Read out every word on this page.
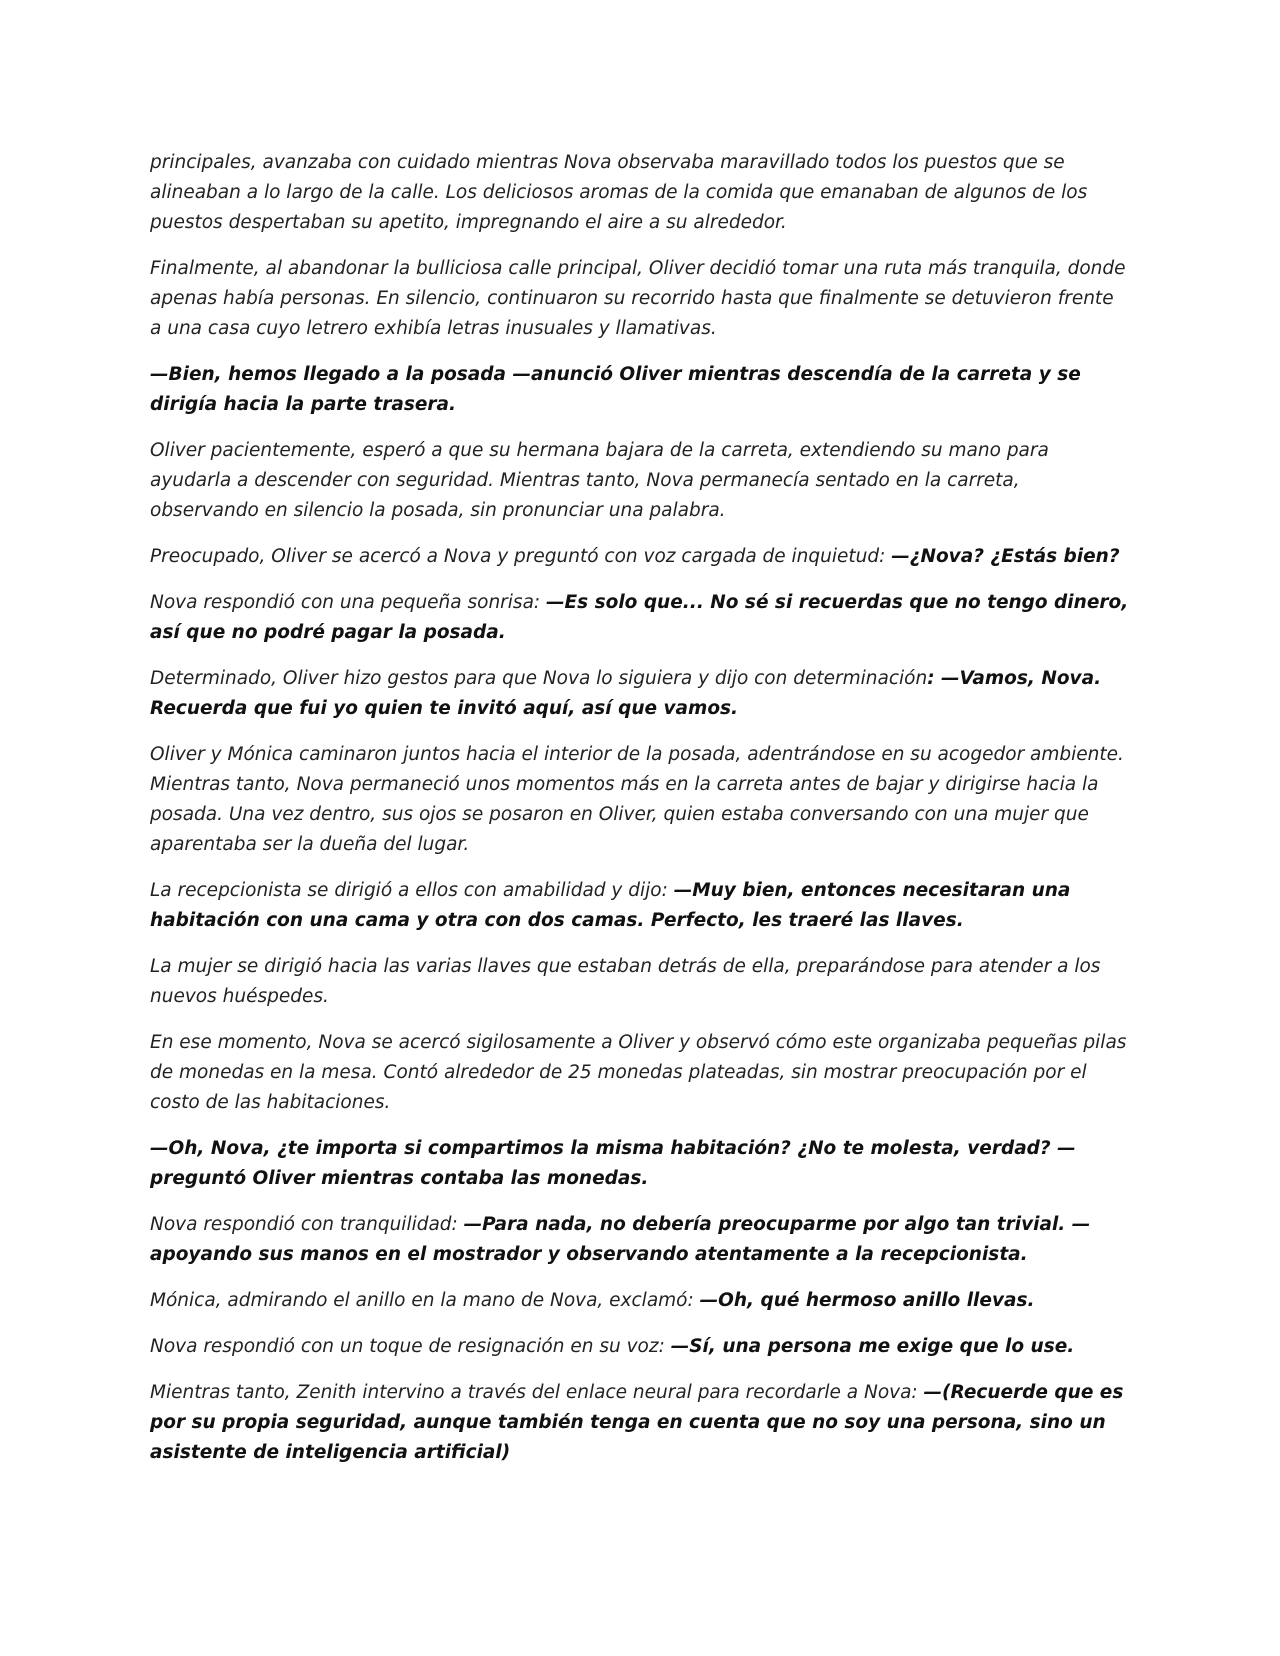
principales, avanzaba con cuidado mientras Nova observaba maravillado todos los puestos que se alineaban a lo largo de la calle. Los deliciosos aromas de la comida que emanaban de algunos de los puestos despertaban su apetito, impregnando el aire a su alrededor.

Finalmente, al abandonar la bulliciosa calle principal, Oliver decidió tomar una ruta más tranquila, donde apenas había personas. En silencio, continuaron su recorrido hasta que finalmente se detuvieron frente a una casa cuyo letrero exhibía letras inusuales y llamativas.

—Bien, hemos llegado a la posada —anunció Oliver mientras descendía de la carreta y se dirigía hacia la parte trasera.

Oliver pacientemente, esperó a que su hermana bajara de la carreta, extendiendo su mano para ayudarla a descender con seguridad. Mientras tanto, Nova permanecía sentado en la carreta, observando en silencio la posada, sin pronunciar una palabra.

Preocupado, Oliver se acercó a Nova y preguntó con voz cargada de inquietud: —¿Nova? ¿Estás bien?

Nova respondió con una pequeña sonrisa: —Es solo que... No sé si recuerdas que no tengo dinero, así que no podré pagar la posada.

Determinado, Oliver hizo gestos para que Nova lo siguiera y dijo con determinación: —Vamos, Nova. Recuerda que fui yo quien te invitó aquí, así que vamos.

Oliver y Mónica caminaron juntos hacia el interior de la posada, adentrándose en su acogedor ambiente. Mientras tanto, Nova permaneció unos momentos más en la carreta antes de bajar y dirigirse hacia la posada. Una vez dentro, sus ojos se posaron en Oliver, quien estaba conversando con una mujer que aparentaba ser la dueña del lugar.

La recepcionista se dirigió a ellos con amabilidad y dijo: —Muy bien, entonces necesitaran una habitación con una cama y otra con dos camas. Perfecto, les traeré las llaves.

La mujer se dirigió hacia las varias llaves que estaban detrás de ella, preparándose para atender a los nuevos huéspedes.

En ese momento, Nova se acercó sigilosamente a Oliver y observó cómo este organizaba pequeñas pilas de monedas en la mesa. Contó alrededor de 25 monedas plateadas, sin mostrar preocupación por el costo de las habitaciones.

—Oh, Nova, ¿te importa si compartimos la misma habitación? ¿No te molesta, verdad? —preguntó Oliver mientras contaba las monedas.

Nova respondió con tranquilidad: —Para nada, no debería preocuparme por algo tan trivial. — apoyando sus manos en el mostrador y observando atentamente a la recepcionista.

Mónica, admirando el anillo en la mano de Nova, exclamó: —Oh, qué hermoso anillo llevas.

Nova respondió con un toque de resignación en su voz: —Sí, una persona me exige que lo use.

Mientras tanto, Zenith intervino a través del enlace neural para recordarle a Nova: —(Recuerde que es por su propia seguridad, aunque también tenga en cuenta que no soy una persona, sino un asistente de inteligencia artificial)
